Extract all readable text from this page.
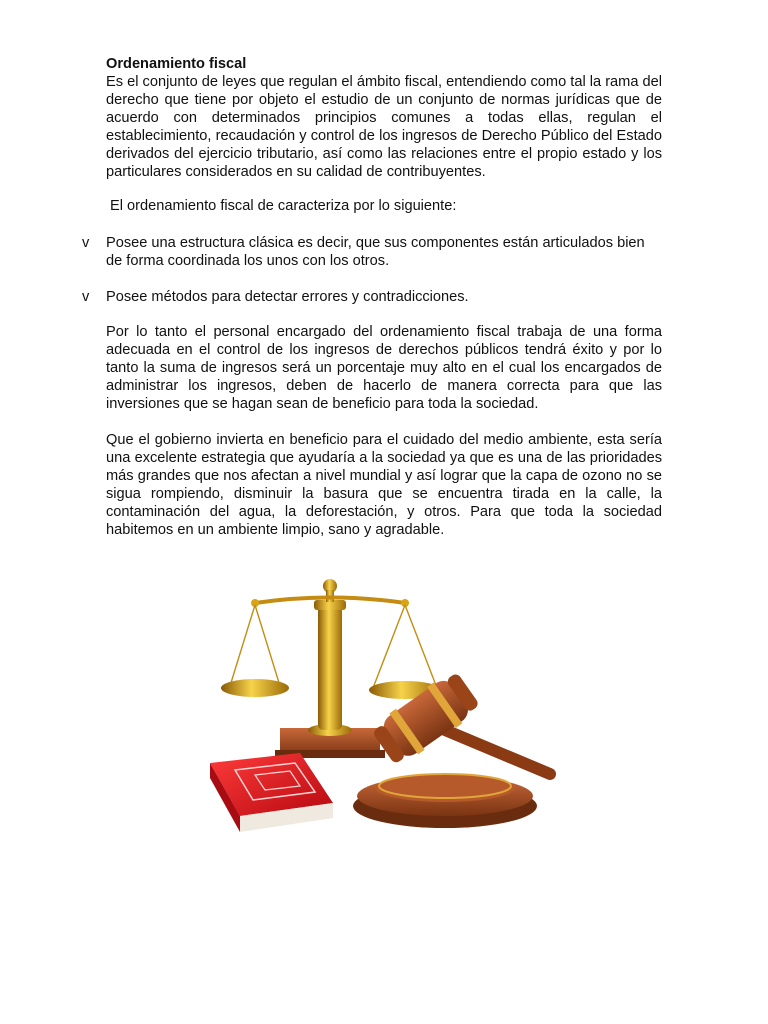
Ordenamiento fiscal

Es el conjunto de leyes que regulan el ámbito fiscal, entendiendo como tal la rama del derecho que tiene por objeto el estudio de un conjunto de normas jurídicas que de acuerdo con determinados principios comunes a todas ellas, regulan el establecimiento, recaudación y control de los ingresos de Derecho Público del Estado derivados del ejercicio tributario, así como las relaciones entre el propio estado y los particulares considerados en su calidad de contribuyentes.

El ordenamiento fiscal de caracteriza por lo siguiente:

v	Posee una estructura clásica es decir, que sus componentes están articulados bien de forma coordinada los unos con los otros.
v	Posee métodos para detectar errores y contradicciones.

Por lo tanto el personal encargado del ordenamiento fiscal trabaja de una forma adecuada en el control de los ingresos de derechos públicos tendrá éxito y por lo tanto la suma de ingresos será un porcentaje muy alto en el cual los encargados de administrar los ingresos, deben de hacerlo de manera correcta para que las inversiones que se hagan sean de beneficio para toda la sociedad.

Que el gobierno invierta en beneficio para el cuidado del medio ambiente, esta sería una excelente estrategia que ayudaría a la sociedad ya que es una de las prioridades más grandes que nos afectan a nivel mundial y así lograr que la capa de ozono no se sigua rompiendo, disminuir la basura que se encuentra tirada en la calle, la contaminación del agua, la deforestación, y otros. Para que toda la sociedad habitemos en un ambiente limpio, sano y agradable.
